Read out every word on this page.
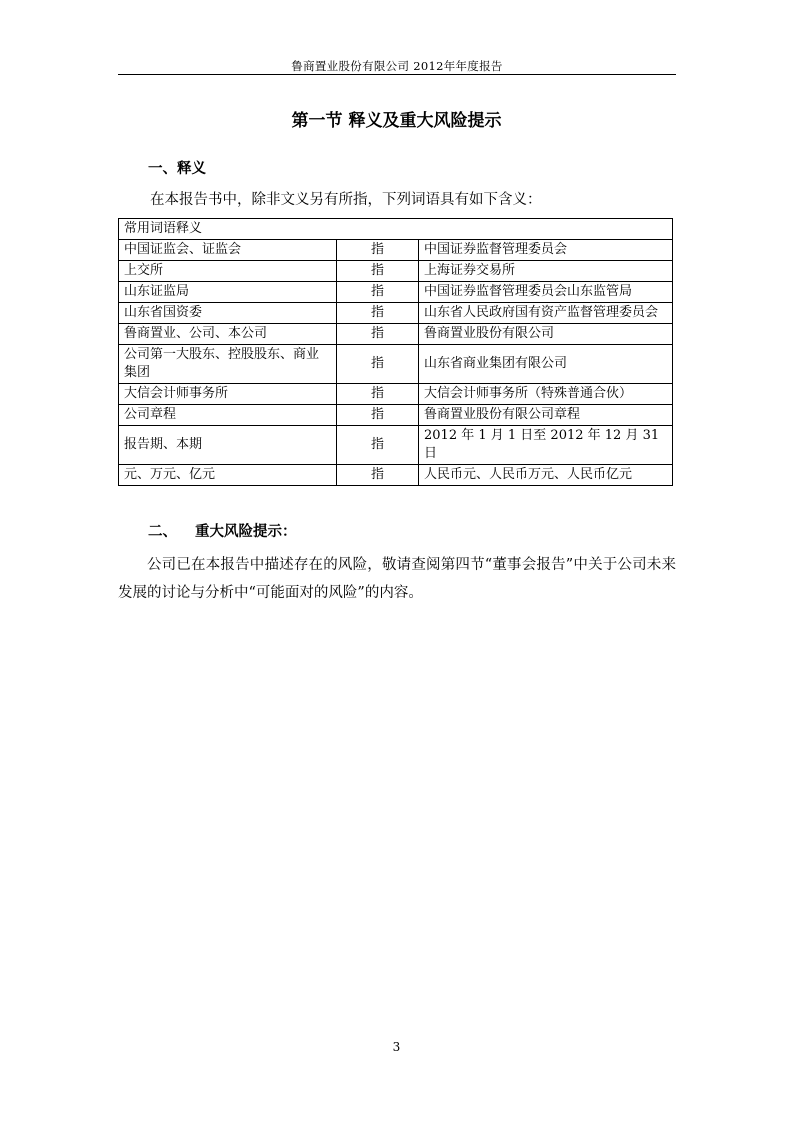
鲁商置业股份有限公司 2012年年度报告
第一节 释义及重大风险提示
一、释义
在本报告书中，除非文义另有所指，下列词语具有如下含义：
常用词语释义		
中国证监会、证监会	指	中国证券监督管理委员会
上交所	指	上海证券交易所
山东证监局	指	中国证券监督管理委员会山东监管局
山东省国资委	指	山东省人民政府国有资产监督管理委员会
鲁商置业、公司、本公司	指	鲁商置业股份有限公司
公司第一大股东、控股股东、商业集团	指	山东省商业集团有限公司
大信会计师事务所	指	大信会计师事务所（特殊普通合伙）
公司章程	指	鲁商置业股份有限公司章程
报告期、本期	指	2012 年 1 月 1 日至 2012 年 12 月 31 日
元、万元、亿元	指	人民币元、人民币万元、人民币亿元
二、 重大风险提示：
公司已在本报告中描述存在的风险，敬请查阅第四节“董事会报告”中关于公司未来发展的讨论与分析中“可能面对的风险”的内容。
3
